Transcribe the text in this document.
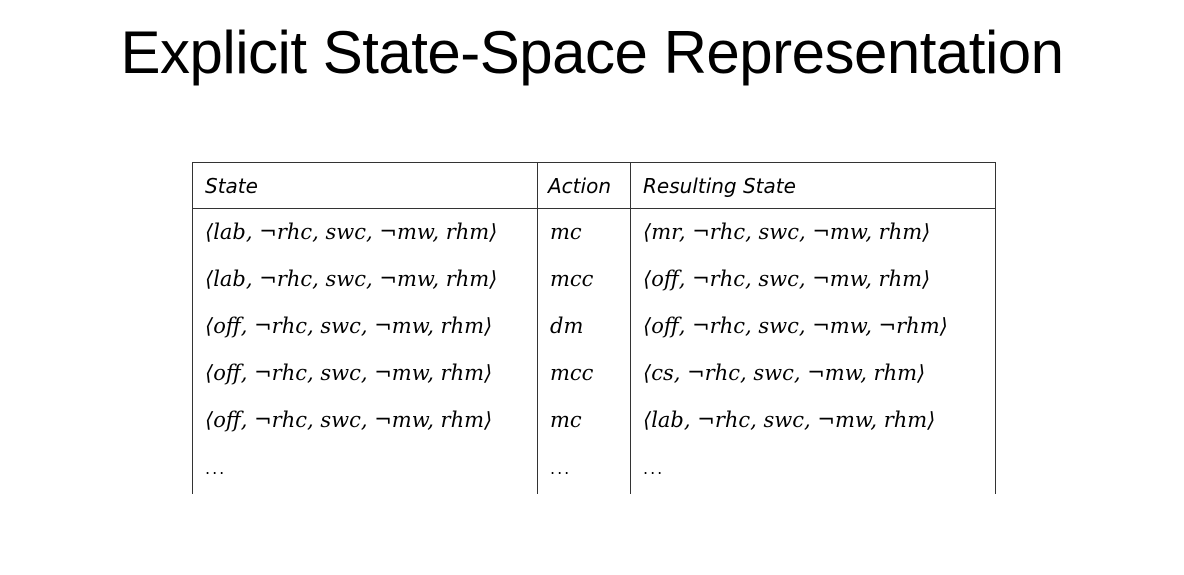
Explicit State-Space Representation
State	Action	Resulting State
⟨lab, ¬rhc, swc, ¬mw, rhm⟩	mc	⟨mr, ¬rhc, swc, ¬mw, rhm⟩
⟨lab, ¬rhc, swc, ¬mw, rhm⟩	mcc	⟨off, ¬rhc, swc, ¬mw, rhm⟩
⟨off, ¬rhc, swc, ¬mw, rhm⟩	dm	⟨off, ¬rhc, swc, ¬mw, ¬rhm⟩
⟨off, ¬rhc, swc, ¬mw, rhm⟩	mcc	⟨cs, ¬rhc, swc, ¬mw, rhm⟩
⟨off, ¬rhc, swc, ¬mw, rhm⟩	mc	⟨lab, ¬rhc, swc, ¬mw, rhm⟩
...	...	...
